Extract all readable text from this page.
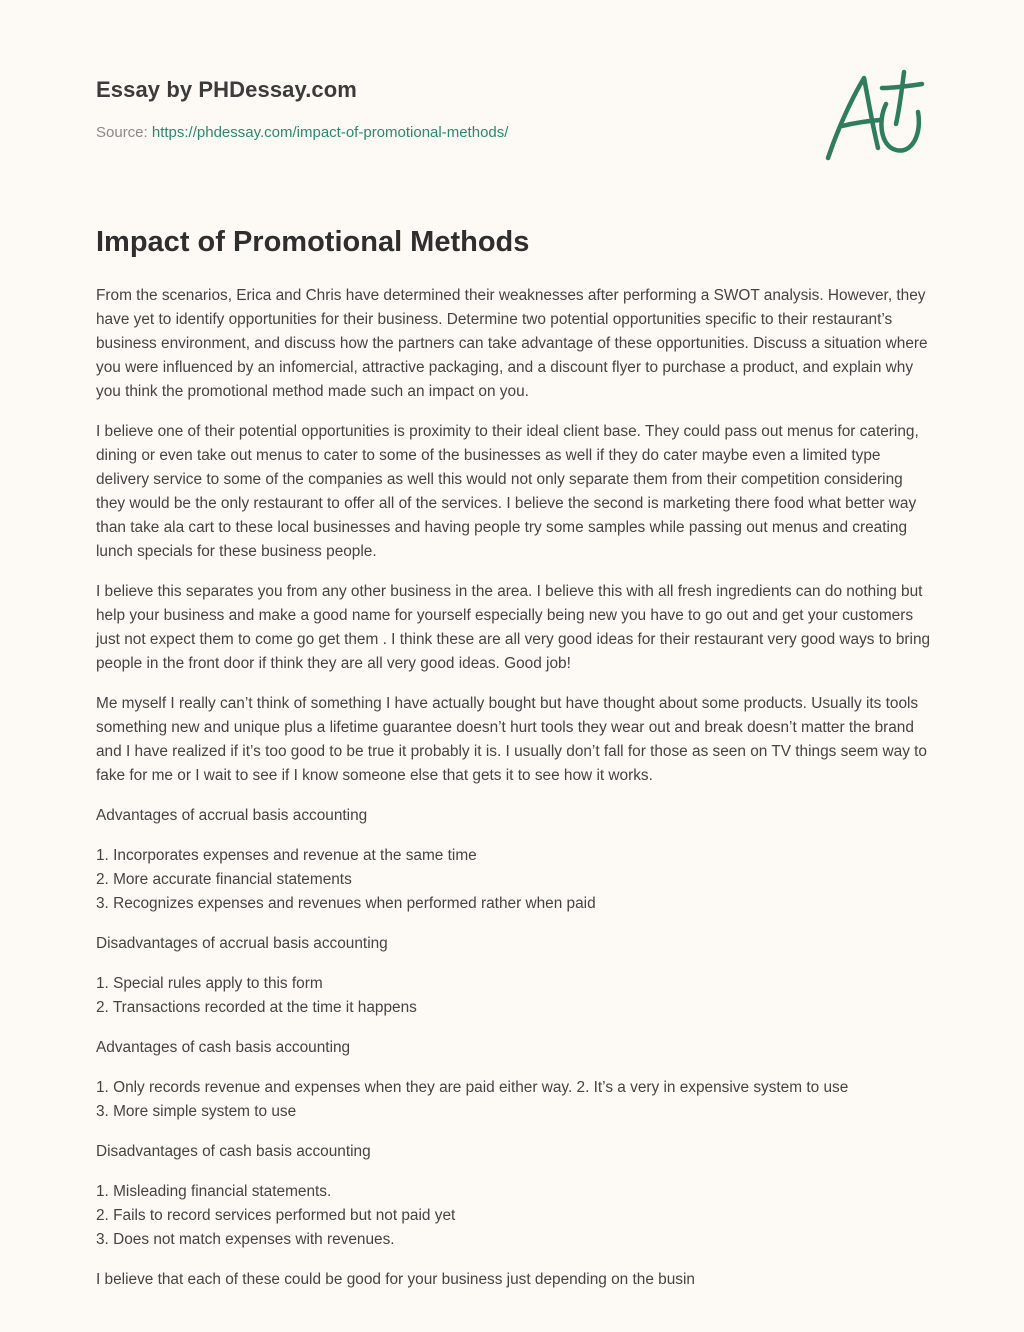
Essay by PHDessay.com

Source: https://phdessay.com/impact-of-promotional-methods/

Impact of Promotional Methods

From the scenarios, Erica and Chris have determined their weaknesses after performing a SWOT analysis. However, they have yet to identify opportunities for their business. Determine two potential opportunities specific to their restaurant’s business environment, and discuss how the partners can take advantage of these opportunities. Discuss a situation where you were influenced by an infomercial, attractive packaging, and a discount flyer to purchase a product, and explain why you think the promotional method made such an impact on you.

I believe one of their potential opportunities is proximity to their ideal client base. They could pass out menus for catering, dining or even take out menus to cater to some of the businesses as well if they do cater maybe even a limited type delivery service to some of the companies as well this would not only separate them from their competition considering they would be the only restaurant to offer all of the services. I believe the second is marketing there food what better way than take ala cart to these local businesses and having people try some samples while passing out menus and creating lunch specials for these business people.

I believe this separates you from any other business in the area. I believe this with all fresh ingredients can do nothing but help your business and make a good name for yourself especially being new you have to go out and get your customers just not expect them to come go get them . I think these are all very good ideas for their restaurant very good ways to bring people in the front door if think they are all very good ideas. Good job!

Me myself I really can’t think of something I have actually bought but have thought about some products. Usually its tools something new and unique plus a lifetime guarantee doesn’t hurt tools they wear out and break doesn’t matter the brand and I have realized if it’s too good to be true it probably it is. I usually don’t fall for those as seen on TV things seem way to fake for me or I wait to see if I know someone else that gets it to see how it works.

Advantages of accrual basis accounting

1. Incorporates expenses and revenue at the same time
2. More accurate financial statements
3. Recognizes expenses and revenues when performed rather when paid

Disadvantages of accrual basis accounting

1. Special rules apply to this form
2. Transactions recorded at the time it happens

Advantages of cash basis accounting

1. Only records revenue and expenses when they are paid either way. 2. It’s a very in expensive system to use
3. More simple system to use

Disadvantages of cash basis accounting

1. Misleading financial statements.
2. Fails to record services performed but not paid yet
3. Does not match expenses with revenues.

I believe that each of these could be good for your business just depending on the busin
